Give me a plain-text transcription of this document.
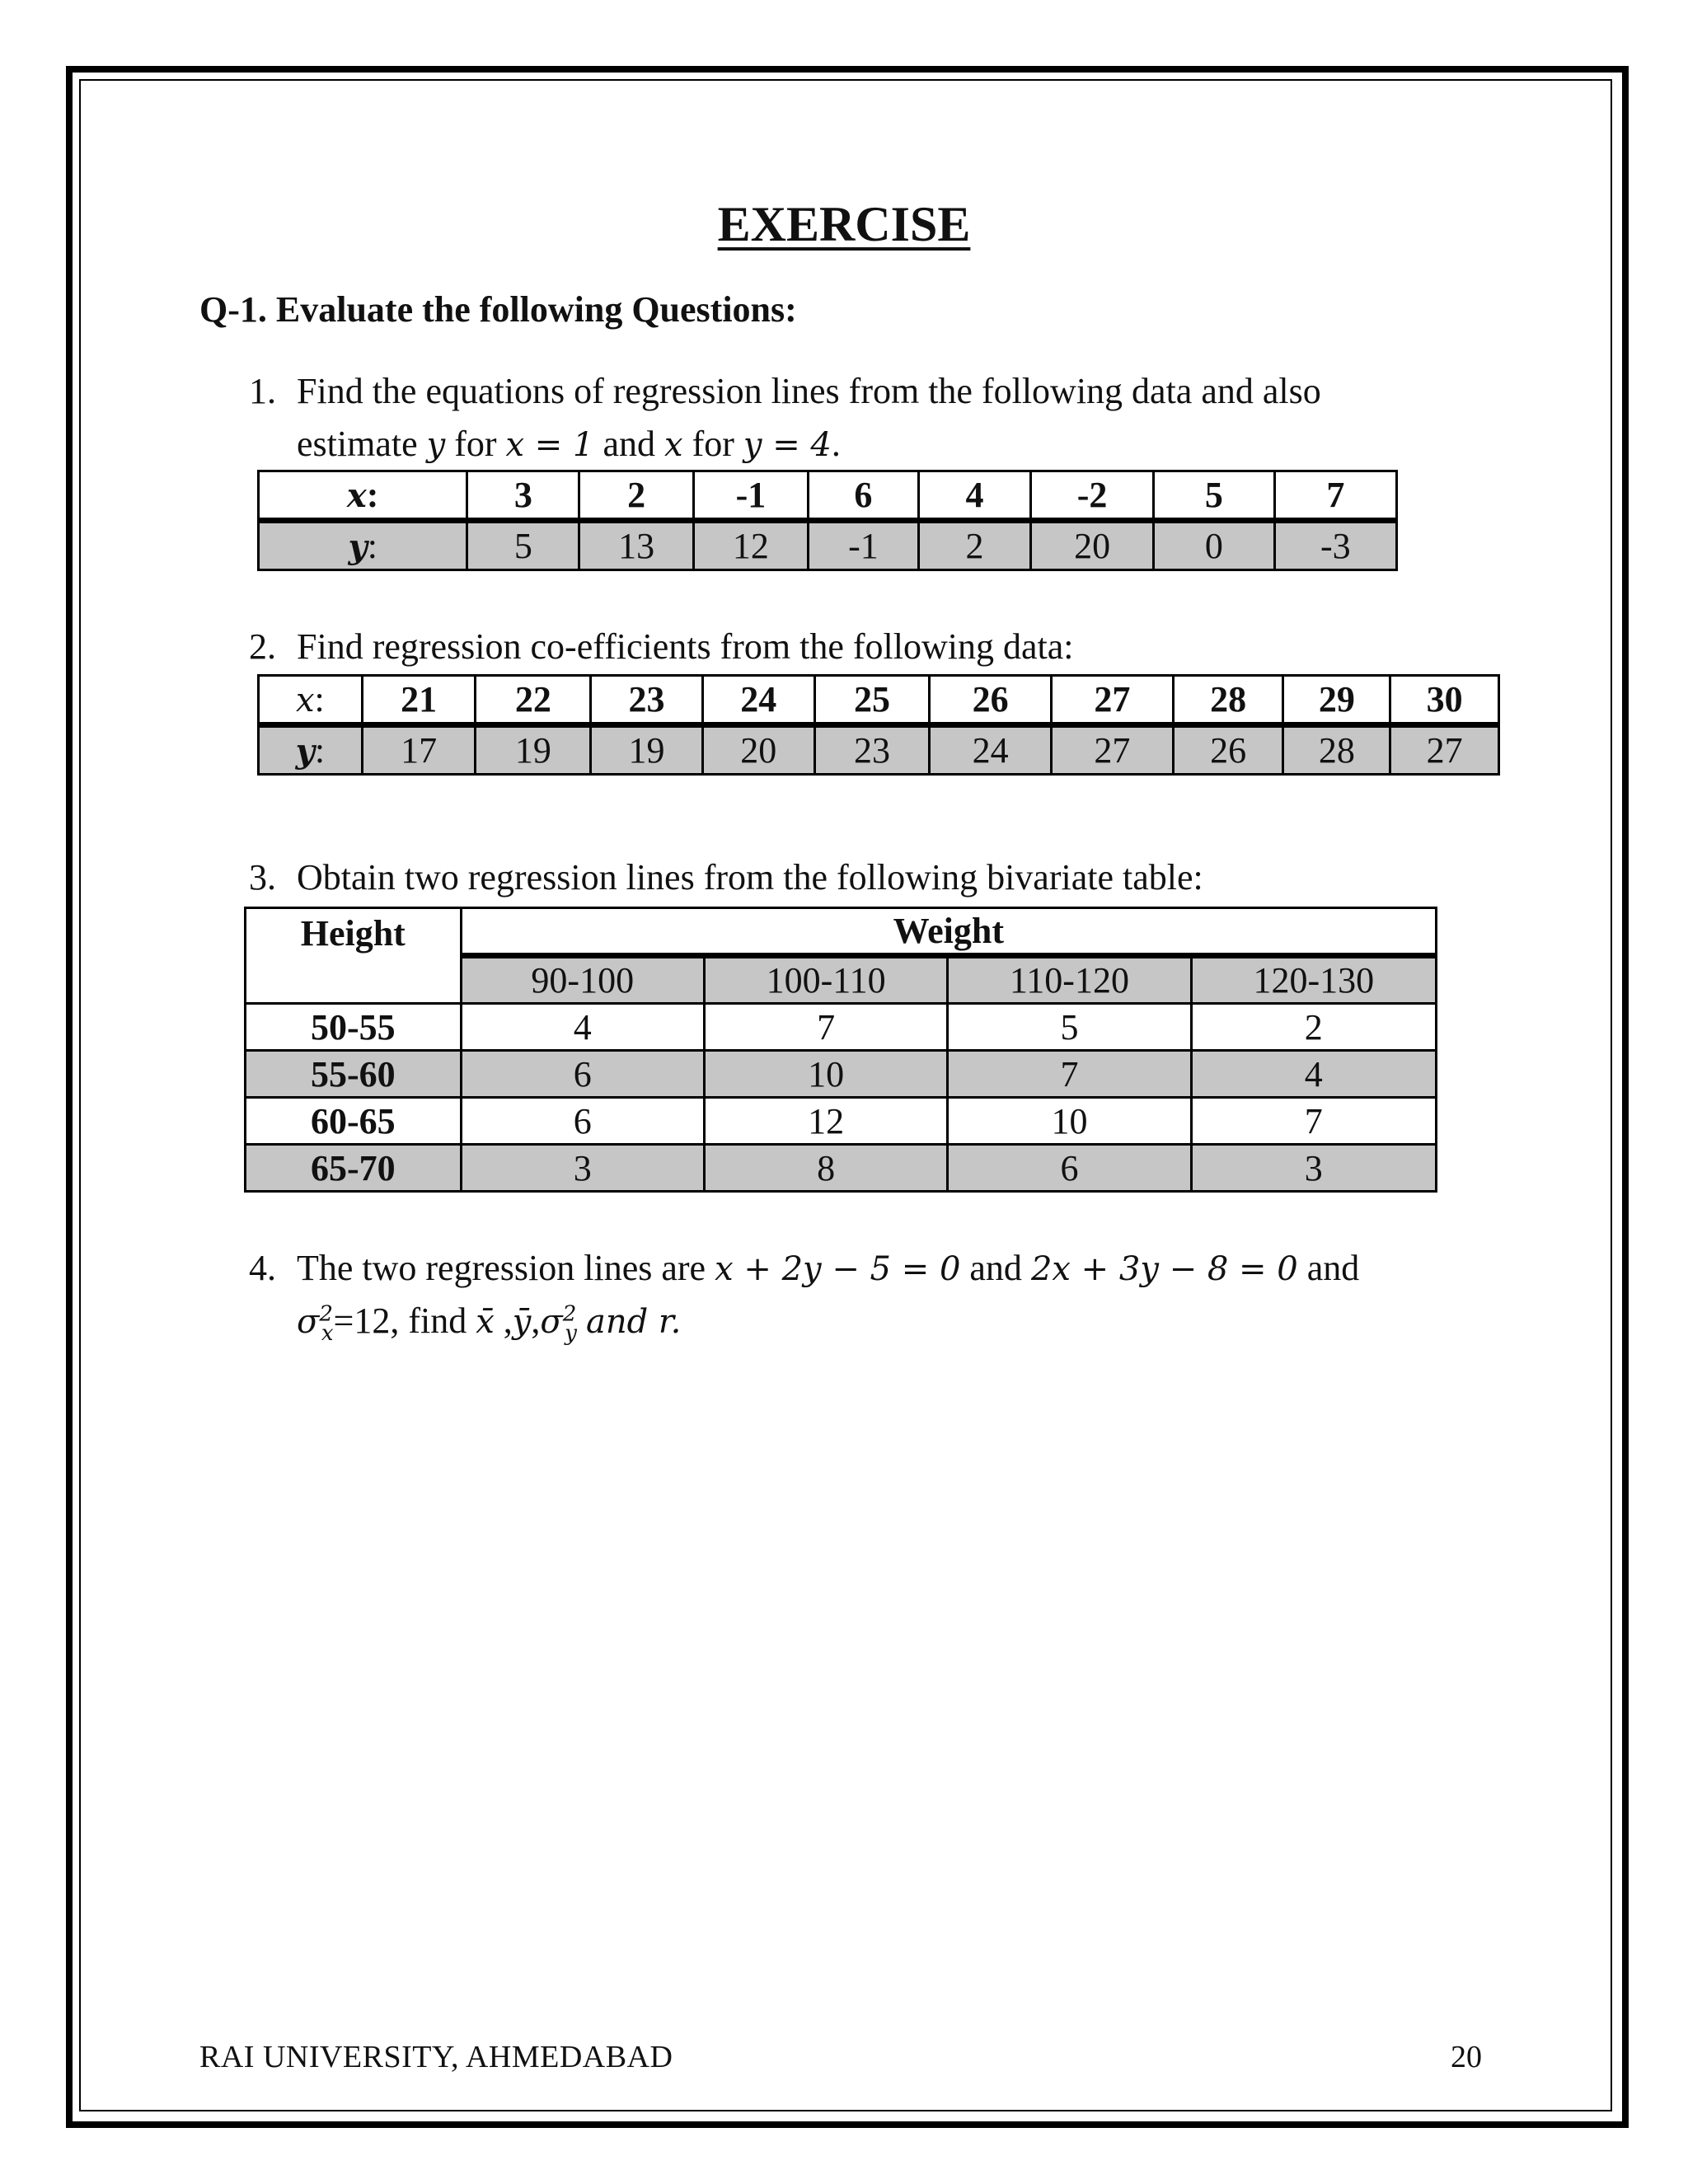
EXERCISE
Q-1. Evaluate the following Questions:
1. Find the equations of regression lines from the following data and also
estimate y for x = 1 and x for y = 4.
x:	3	2	-1	6	4	-2	5	7
y:	5	13	12	-1	2	20	0	-3
2. Find regression co-efficients from the following data:
x:	21	22	23	24	25	26	27	28	29	30
y:	17	19	19	20	23	24	27	26	28	27
3. Obtain two regression lines from the following bivariate table:
Height	Weight			
	90-100	100-110	110-120	120-130
50-55	4	7	5	2
55-60	6	10	7	4
60-65	6	12	10	7
65-70	3	8	6	3
4. The two regression lines are x + 2y − 5 = 0 and 2x + 3y − 8 = 0 and
$\sigma^2_x=12$, find x̄ $,ȳ,\sigma^2_y$ and r.
RAI UNIVERSITY, AHMEDABAD	20
